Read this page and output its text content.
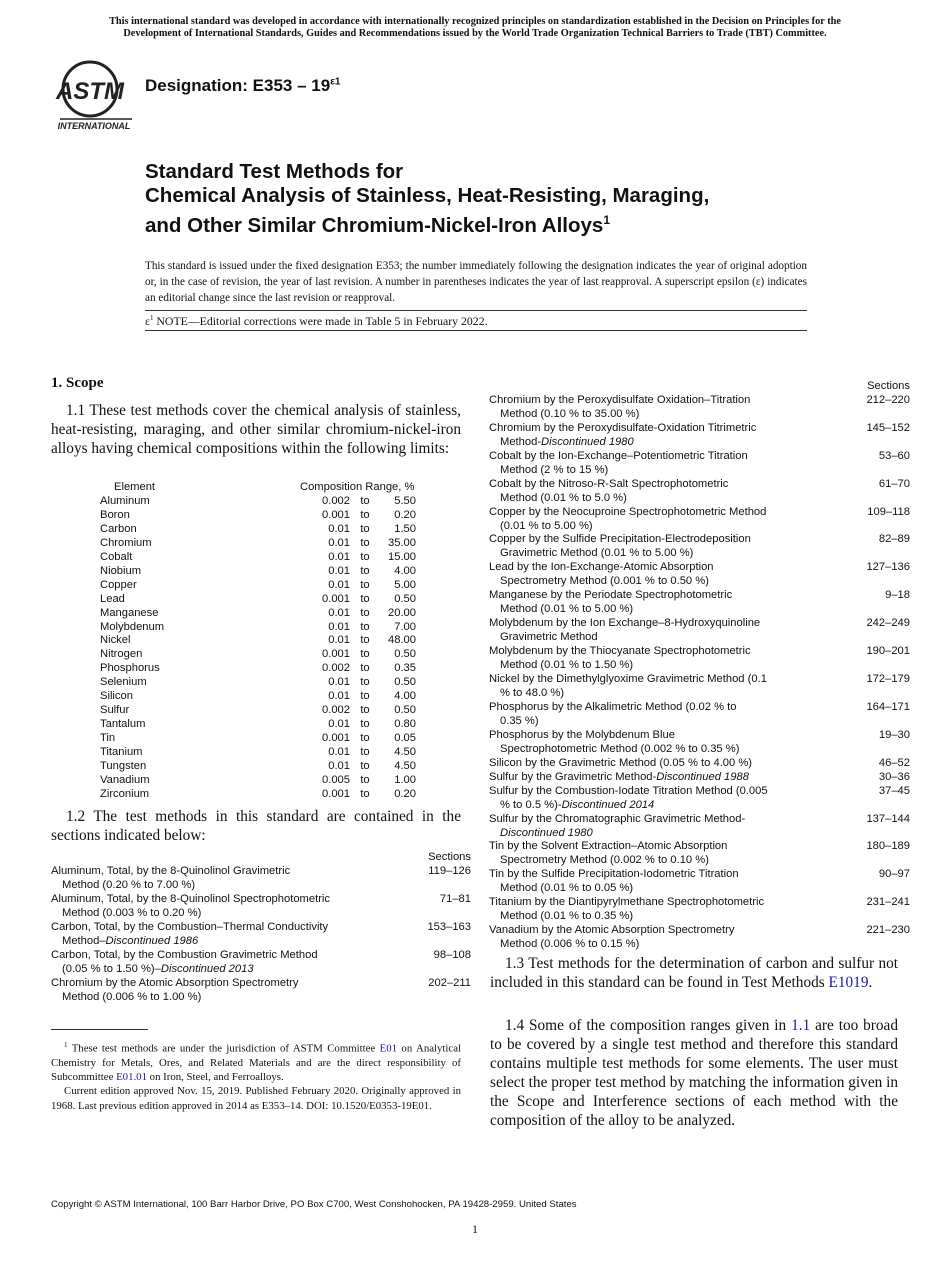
This international standard was developed in accordance with internationally recognized principles on standardization established in the Decision on Principles for the
Development of International Standards, Guides and Recommendations issued by the World Trade Organization Technical Barriers to Trade (TBT) Committee.
ASTM
INTERNATIONAL
Designation: $E353 - 19^{\varepsilon 1}$
Standard Test Methods for
Chemical Analysis of Stainless, Heat-Resisting, Maraging,
and Other Similar Chromium-Nickel-Iron Alloys$^1$
This standard is issued under the fixed designation E353; the number immediately following the designation indicates the year of original adoption or, in the case of revision, the year of last revision. A number in parentheses indicates the year of last reapproval. A superscript epsilon (ε) indicates an editorial change since the last revision or reapproval.
$\varepsilon^1$ NOTE—Editorial corrections were made in Table 5 in February 2022.
1. Scope
1.1 These test methods cover the chemical analysis of stainless, heat-resisting, maraging, and other similar chromium-nickel-iron alloys having chemical compositions within the following limits:
Element	Composition Range, %		
Aluminum	0.002	to	5.50
Boron	0.001	to	0.20
Carbon	0.01	to	1.50
Chromium	0.01	to	35.00
Cobalt	0.01	to	15.00
Niobium	0.01	to	4.00
Copper	0.01	to	5.00
Lead	0.001	to	0.50
Manganese	0.01	to	20.00
Molybdenum	0.01	to	7.00
Nickel	0.01	to	48.00
Nitrogen	0.001	to	0.50
Phosphorus	0.002	to	0.35
Selenium	0.01	to	0.50
Silicon	0.01	to	4.00
Sulfur	0.002	to	0.50
Tantalum	0.01	to	0.80
Tin	0.001	to	0.05
Titanium	0.01	to	4.50
Tungsten	0.01	to	4.50
Vanadium	0.005	to	1.00
Zirconium	0.001	to	0.20
1.2 The test methods in this standard are contained in the sections indicated below:
Sections
Aluminum, Total, by the 8-Quinolinol Gravimetric
Method (0.20 % to 7.00 %)
119–126
Aluminum, Total, by the 8-Quinolinol Spectrophotometric
Method (0.003 % to 0.20 %)
71–81
Carbon, Total, by the Combustion–Thermal Conductivity
Method–Discontinued 1986
153–163
Carbon, Total, by the Combustion Gravimetric Method
(0.05 % to 1.50 %)–Discontinued 2013
98–108
Chromium by the Atomic Absorption Spectrometry
Method (0.006 % to 1.00 %)
202–211
Sections
Chromium by the Peroxydisulfate Oxidation–Titration
Method (0.10 % to 35.00 %)
212–220
Chromium by the Peroxydisulfate-Oxidation Titrimetric
Method-Discontinued 1980
145–152
Cobalt by the Ion-Exchange–Potentiometric Titration
Method (2 % to 15 %)
53–60
Cobalt by the Nitroso-R-Salt Spectrophotometric
Method (0.01 % to 5.0 %)
61–70
Copper by the Neocuproine Spectrophotometric Method
(0.01 % to 5.00 %)
109–118
Copper by the Sulfide Precipitation-Electrodeposition
Gravimetric Method (0.01 % to 5.00 %)
82–89
Lead by the Ion-Exchange-Atomic Absorption
Spectrometry Method (0.001 % to 0.50 %)
127–136
Manganese by the Periodate Spectrophotometric
Method (0.01 % to 5.00 %)
9–18
Molybdenum by the Ion Exchange–8-Hydroxyquinoline
Gravimetric Method
242–249
Molybdenum by the Thiocyanate Spectrophotometric
Method (0.01 % to 1.50 %)
190–201
Nickel by the Dimethylglyoxime Gravimetric Method (0.1
% to 48.0 %)
172–179
Phosphorus by the Alkalimetric Method (0.02 % to
0.35 %)
164–171
Phosphorus by the Molybdenum Blue
Spectrophotometric Method (0.002 % to 0.35 %)
19–30
Silicon by the Gravimetric Method (0.05 % to 4.00 %)	46–52
Sulfur by the Gravimetric Method-Discontinued 1988	30–36
Sulfur by the Combustion-Iodate Titration Method (0.005
% to 0.5 %)-Discontinued 2014
37–45
Sulfur by the Chromatographic Gravimetric Method-
Discontinued 1980
137–144
Tin by the Solvent Extraction–Atomic Absorption
Spectrometry Method (0.002 % to 0.10 %)
180–189
Tin by the Sulfide Precipitation-Iodometric Titration
Method (0.01 % to 0.05 %)
90–97
Titanium by the Diantipyrylmethane Spectrophotometric
Method (0.01 % to 0.35 %)
231–241
Vanadium by the Atomic Absorption Spectrometry
Method (0.006 % to 0.15 %)
221–230

$^1$ These test methods are under the jurisdiction of ASTM Committee E01 on Analytical Chemistry for Metals, Ores, and Related Materials and are the direct responsibility of Subcommittee E01.01 on Iron, Steel, and Ferroalloys.

Current edition approved Nov. 15, 2019. Published February 2020. Originally approved in 1968. Last previous edition approved in 2014 as E353–14. DOI: 10.1520/E0353-19E01.

1.3 Test methods for the determination of carbon and sulfur not included in this standard can be found in Test Methods E1019.
1.4 Some of the composition ranges given in 1.1 are too broad to be covered by a single test method and therefore this standard contains multiple test methods for some elements. The user must select the proper test method by matching the information given in the Scope and Interference sections of each method with the composition of the alloy to be analyzed.
Copyright © ASTM International, 100 Barr Harbor Drive, PO Box C700, West Conshohocken, PA 19428-2959. United States
1
